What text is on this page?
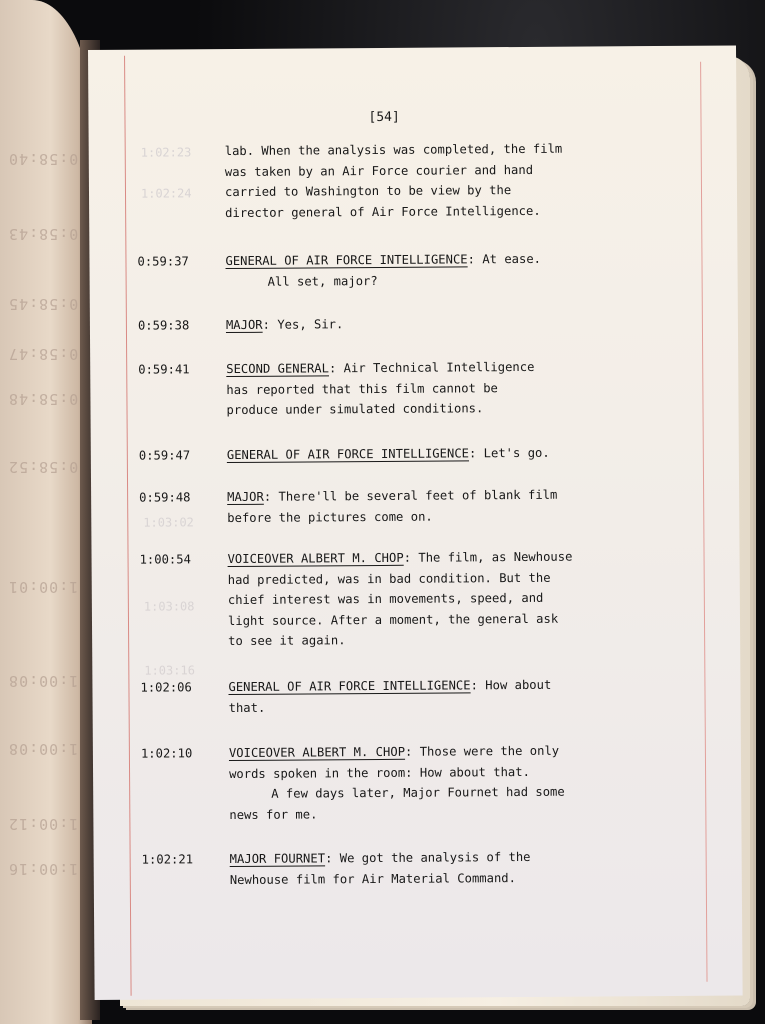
0:58:40
0:58:43
0:58:45
0:58:47
0:58:48
0:58:52
1:00:01
1:00:08
1:00:08
1:00:12
1:00:16
1:02:23
1:02:24
1:03:02
1:03:08
1:03:16
[54]

lab. When the analysis was completed, the film

was taken by an Air Force courier and hand

carried to Washington to be view by the

director general of Air Force Intelligence.

0:59:37	GENERAL OF AIR FORCE INTELLIGENCE: At ease.

All set, major?

0:59:38	MAJOR: Yes, Sir.

0:59:41	SECOND GENERAL: Air Technical Intelligence

has reported that this film cannot be

produce under simulated conditions.

0:59:47	GENERAL OF AIR FORCE INTELLIGENCE: Let's go.

0:59:48	MAJOR: There'll be several feet of blank film

before the pictures come on.

1:00:54	VOICEOVER ALBERT M. CHOP: The film, as Newhouse

had predicted, was in bad condition. But the

chief interest was in movements, speed, and

light source. After a moment, the general ask

to see it again.

1:02:06	GENERAL OF AIR FORCE INTELLIGENCE: How about

that.

1:02:10	VOICEOVER ALBERT M. CHOP: Those were the only

words spoken in the room: How about that.

A few days later, Major Fournet had some

news for me.

1:02:21	MAJOR FOURNET: We got the analysis of the

Newhouse film for Air Material Command.
